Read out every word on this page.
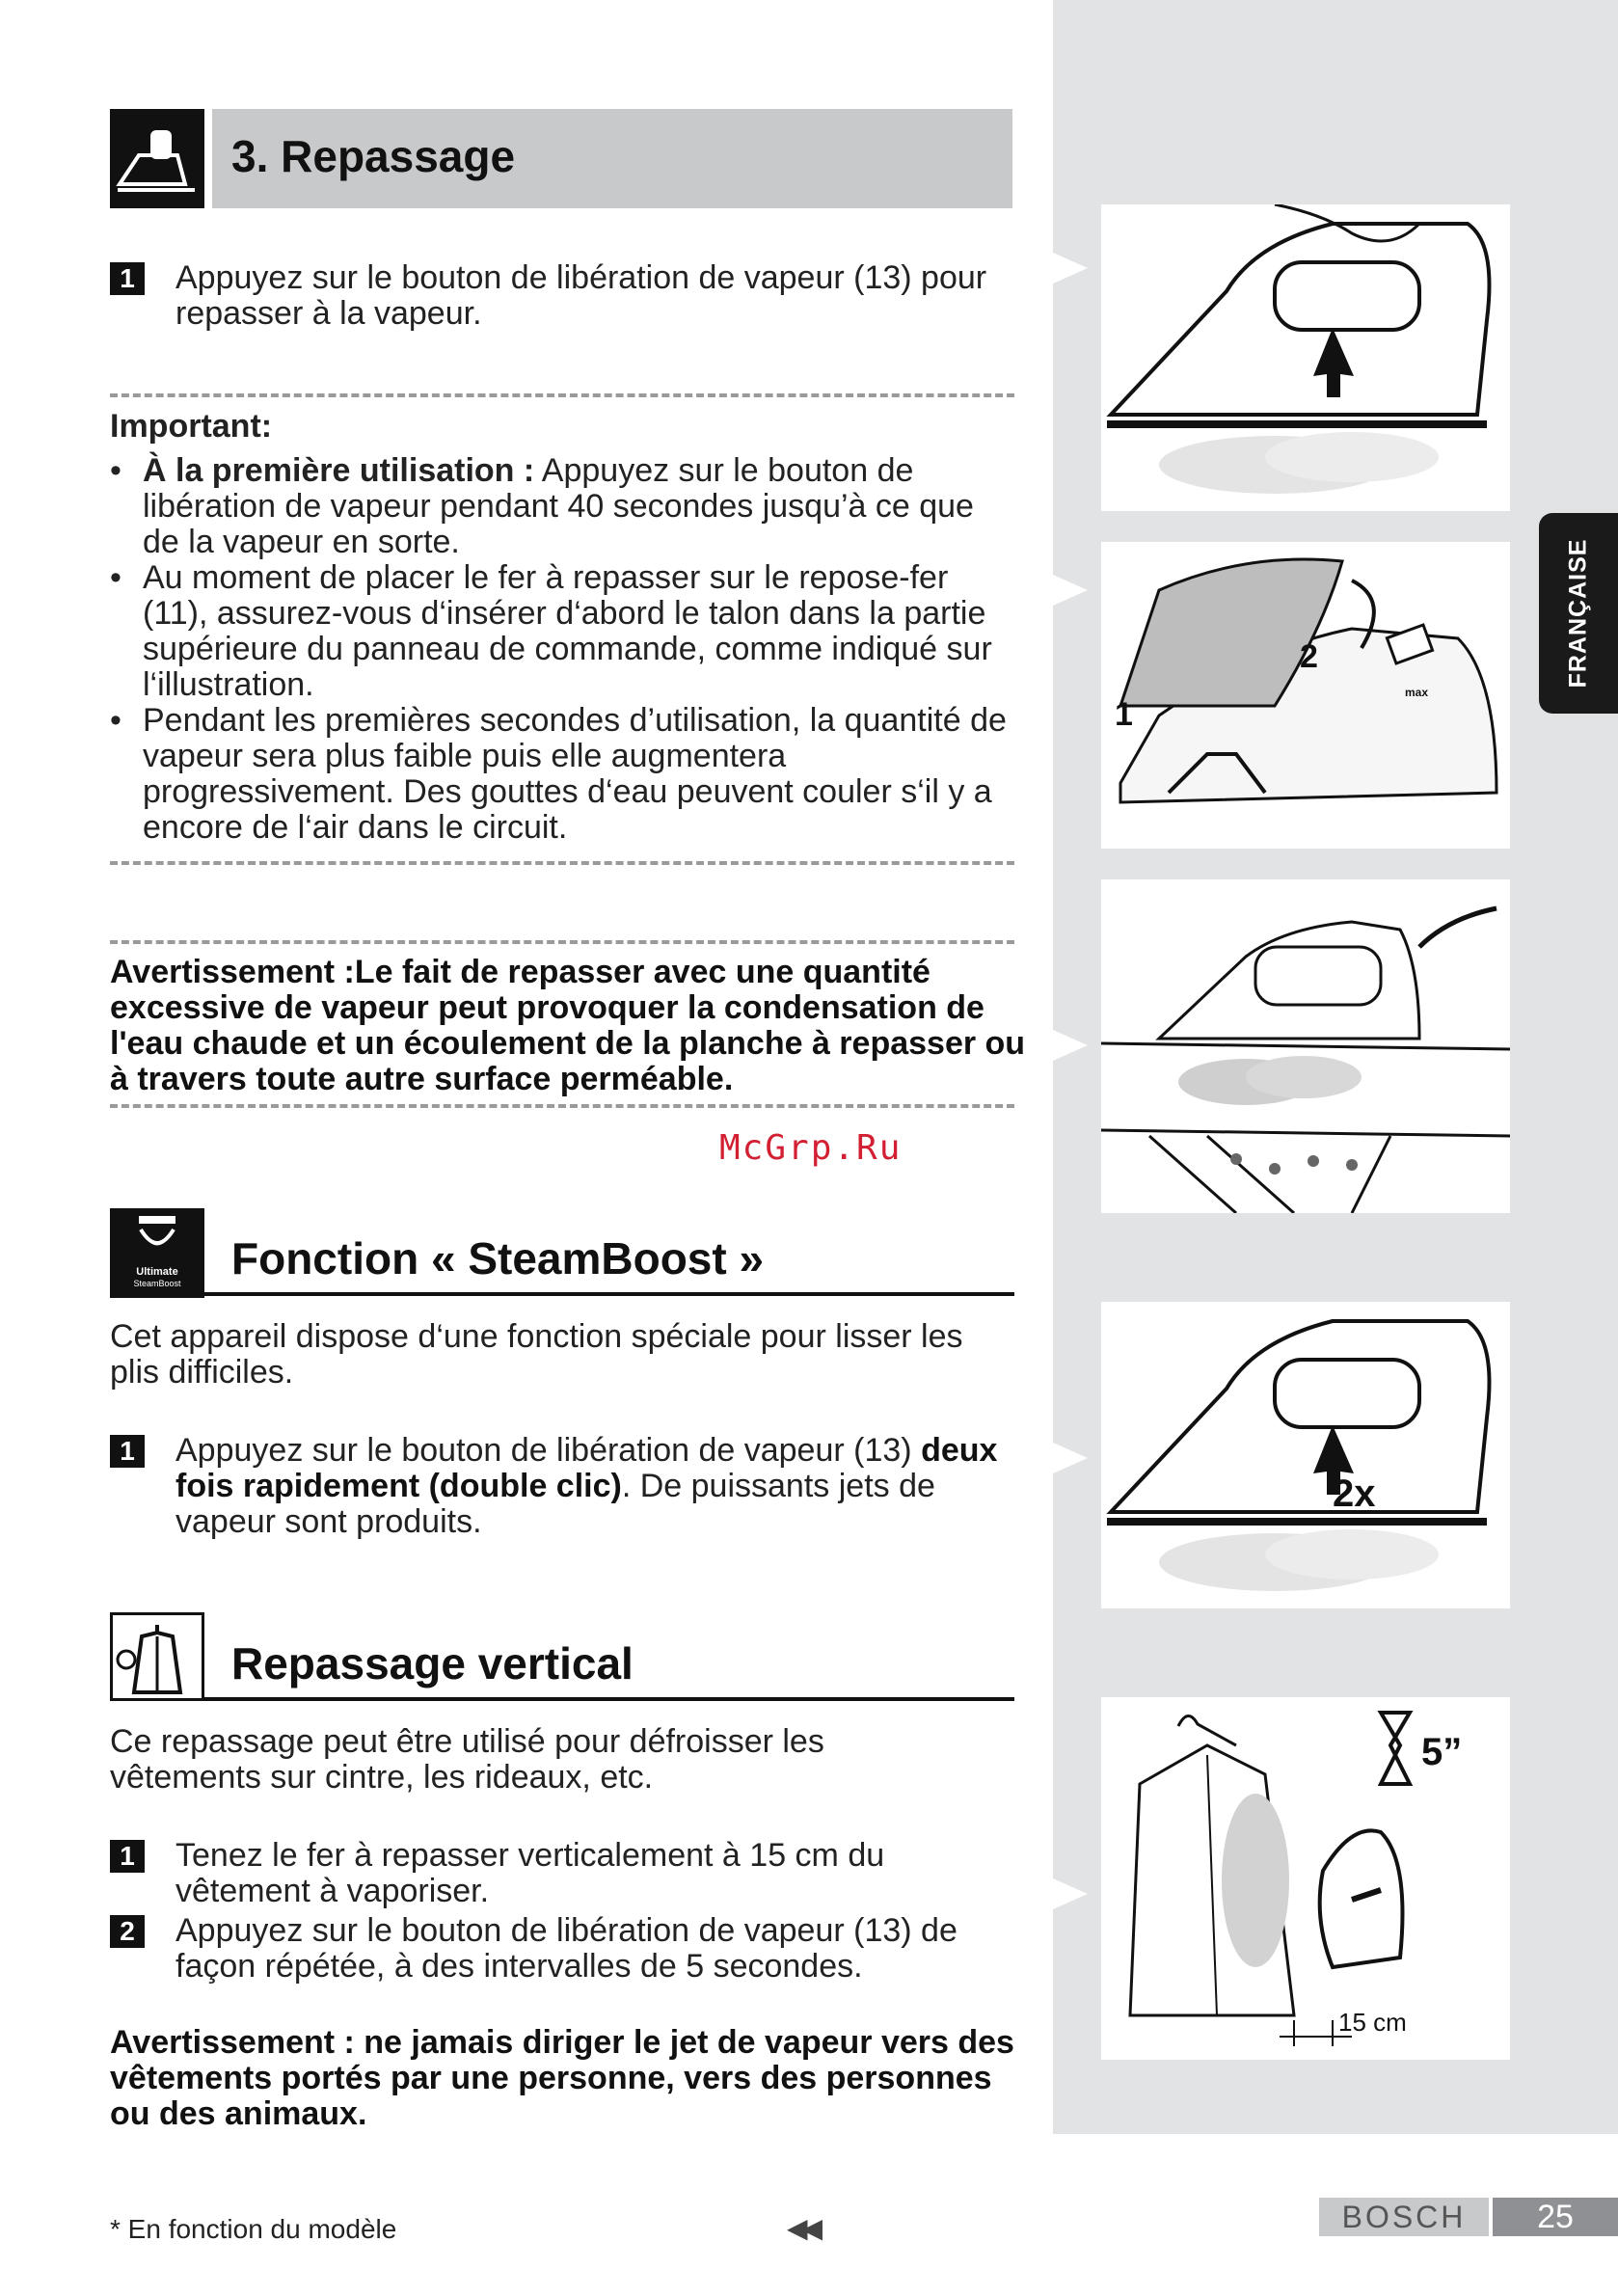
FRANÇAISE
3. Repassage
1	Appuyez sur le bouton de libération de vapeur (13) pour repasser à la vapeur.
Important:
• À la première utilisation : Appuyez sur le bouton de libération de vapeur pendant 40 secondes jusqu’à ce que de la vapeur en sorte.
• Au moment de placer le fer à repasser sur le repose-fer (11), assurez-vous d‘insérer d‘abord le talon dans la partie supérieure du panneau de commande, comme indiqué sur l‘illustration.
• Pendant les premières secondes d’utilisation, la quantité de vapeur sera plus faible puis elle augmentera progressivement. Des gouttes d‘eau peuvent couler s‘il y a encore de l‘air dans le circuit.
Avertissement :Le fait de repasser avec une quantité excessive de vapeur peut provoquer la condensation de l'eau chaude et un écoulement de la planche à repasser ou à travers toute autre surface perméable.
McGrp.Ru
Ultimate
SteamBoost	Fonction « SteamBoost »
Cet appareil dispose d‘une fonction spéciale pour lisser les plis difficiles.
1	Appuyez sur le bouton de libération de vapeur (13) deux fois rapidement (double clic). De puissants jets de vapeur sont produits.
Repassage vertical
Ce repassage peut être utilisé pour défroisser les vêtements sur cintre, les rideaux, etc.
1	Tenez le fer à repasser verticalement à 15 cm du vêtement à vaporiser.
2	Appuyez sur le bouton de libération de vapeur (13) de façon répétée, à des intervalles de 5 secondes.
Avertissement : ne jamais diriger le jet de vapeur vers des vêtements portés par une personne, vers des personnes ou des animaux.
1
2
max
2x
5”
15 cm
* En fonction du modèle	◀◀	BOSCH	25
